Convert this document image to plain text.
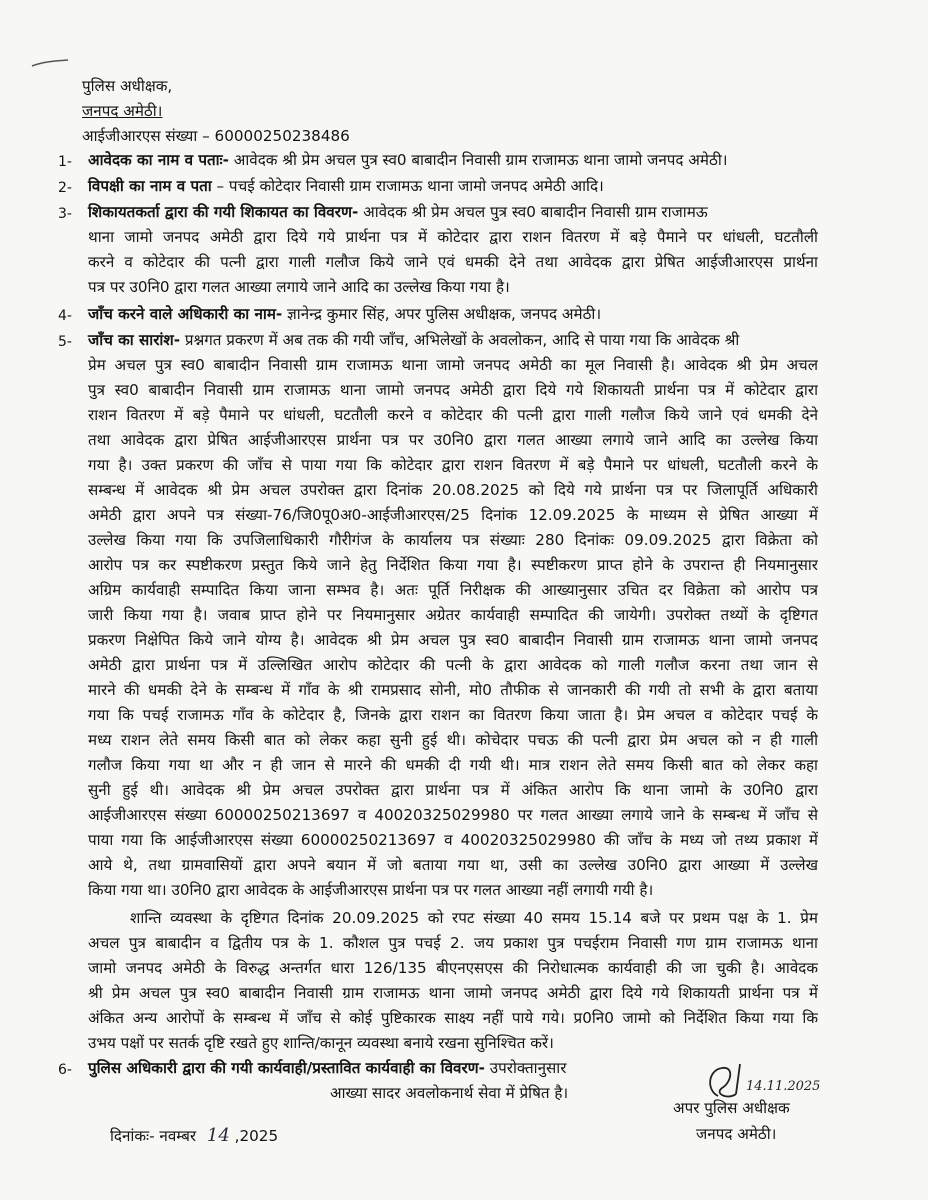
पुलिस अधीक्षक,
जनपद अमेठी।
आईजीआरएस संख्या – 60000250238486
1- आवेदक का नाम व पताः- आवेदक श्री प्रेम अचल पुत्र स्व0 बाबादीन निवासी ग्राम राजामऊ थाना जामो जनपद अमेठी।
2- विपक्षी का नाम व पता – पचई कोटेदार निवासी ग्राम राजामऊ थाना जामो जनपद अमेठी आदि।
3- शिकायतकर्ता द्वारा की गयी शिकायत का विवरण- आवेदक श्री प्रेम अचल पुत्र स्व0 बाबादीन निवासी ग्राम राजामऊ
थाना जामो जनपद अमेठी द्वारा दिये गये प्रार्थना पत्र में कोटेदार द्वारा राशन वितरण में बड़े पैमाने पर धांधली, घटतौली
करने व कोटेदार की पत्नी द्वारा गाली गलौज किये जाने एवं धमकी देने तथा आवेदक द्वारा प्रेषित आईजीआरएस प्रार्थना
पत्र पर उ0नि0 द्वारा गलत आख्या लगाये जाने आदि का उल्लेख किया गया है।
4- जाँच करने वाले अधिकारी का नाम- ज्ञानेन्द्र कुमार सिंह, अपर पुलिस अधीक्षक, जनपद अमेठी।
5- जाँच का सारांश- प्रश्नगत प्रकरण में अब तक की गयी जाँच, अभिलेखों के अवलोकन, आदि से पाया गया कि आवेदक श्री
प्रेम अचल पुत्र स्व0 बाबादीन निवासी ग्राम राजामऊ थाना जामो जनपद अमेठी का मूल निवासी है। आवेदक श्री प्रेम अचल
पुत्र स्व0 बाबादीन निवासी ग्राम राजामऊ थाना जामो जनपद अमेठी द्वारा दिये गये शिकायती प्रार्थना पत्र में कोटेदार द्वारा
राशन वितरण में बड़े पैमाने पर धांधली, घटतौली करने व कोटेदार की पत्नी द्वारा गाली गलौज किये जाने एवं धमकी देने
तथा आवेदक द्वारा प्रेषित आईजीआरएस प्रार्थना पत्र पर उ0नि0 द्वारा गलत आख्या लगाये जाने आदि का उल्लेख किया
गया है। उक्त प्रकरण की जाँच से पाया गया कि कोटेदार द्वारा राशन वितरण में बड़े पैमाने पर धांधली, घटतौली करने के
सम्बन्ध में आवेदक श्री प्रेम अचल उपरोक्त द्वारा दिनांक 20.08.2025 को दिये गये प्रार्थना पत्र पर जिलापूर्ति अधिकारी
अमेठी द्वारा अपने पत्र संख्या-76/जि0पू0अ0-आईजीआरएस/25 दिनांक 12.09.2025 के माध्यम से प्रेषित आख्या में
उल्लेख किया गया कि उपजिलाधिकारी गौरीगंज के कार्यालय पत्र संख्याः 280 दिनांकः 09.09.2025 द्वारा विक्रेता को
आरोप पत्र कर स्पष्टीकरण प्रस्तुत किये जाने हेतु निर्देशित किया गया है। स्पष्टीकरण प्राप्त होने के उपरान्त ही नियमानुसार
अग्रिम कार्यवाही सम्पादित किया जाना सम्भव है। अतः पूर्ति निरीक्षक की आख्यानुसार उचित दर विक्रेता को आरोप पत्र
जारी किया गया है। जवाब प्राप्त होने पर नियमानुसार अग्रेतर कार्यवाही सम्पादित की जायेगी। उपरोक्त तथ्यों के दृष्टिगत
प्रकरण निक्षेपित किये जाने योग्य है। आवेदक श्री प्रेम अचल पुत्र स्व0 बाबादीन निवासी ग्राम राजामऊ थाना जामो जनपद
अमेठी द्वारा प्रार्थना पत्र में उल्लिखित आरोप कोटेदार की पत्नी के द्वारा आवेदक को गाली गलौज करना तथा जान से
मारने की धमकी देने के सम्बन्ध में गाँव के श्री रामप्रसाद सोनी, मो0 तौफीक से जानकारी की गयी तो सभी के द्वारा बताया
गया कि पचई राजामऊ गाँव के कोटेदार है, जिनके द्वारा राशन का वितरण किया जाता है। प्रेम अचल व कोटेदार पचई के
मध्य राशन लेते समय किसी बात को लेकर कहा सुनी हुई थी। कोचेदार पचऊ की पत्नी द्वारा प्रेम अचल को न ही गाली
गलौज किया गया था और न ही जान से मारने की धमकी दी गयी थी। मात्र राशन लेते समय किसी बात को लेकर कहा
सुनी हुई थी। आवेदक श्री प्रेम अचल उपरोक्त द्वारा प्रार्थना पत्र में अंकित आरोप कि थाना जामो के उ0नि0 द्वारा
आईजीआरएस संख्या 60000250213697 व 40020325029980 पर गलत आख्या लगाये जाने के सम्बन्ध में जाँच से
पाया गया कि आईजीआरएस संख्या 60000250213697 व 40020325029980 की जाँच के मध्य जो तथ्य प्रकाश में
आये थे, तथा ग्रामवासियों द्वारा अपने बयान में जो बताया गया था, उसी का उल्लेख उ0नि0 द्वारा आख्या में उल्लेख
किया गया था। उ0नि0 द्वारा आवेदक के आईजीआरएस प्रार्थना पत्र पर गलत आख्या नहीं लगायी गयी है।
शान्ति व्यवस्था के दृष्टिगत दिनांक 20.09.2025 को रपट संख्या 40 समय 15.14 बजे पर प्रथम पक्ष के 1. प्रेम
अचल पुत्र बाबादीन व द्वितीय पत्र के 1. कौशल पुत्र पचई 2. जय प्रकाश पुत्र पचईराम निवासी गण ग्राम राजामऊ थाना
जामो जनपद अमेठी के विरुद्ध अन्तर्गत धारा 126/135 बीएनएसएस की निरोधात्मक कार्यवाही की जा चुकी है। आवेदक
श्री प्रेम अचल पुत्र स्व0 बाबादीन निवासी ग्राम राजामऊ थाना जामो जनपद अमेठी द्वारा दिये गये शिकायती प्रार्थना पत्र में
अंकित अन्य आरोपों के सम्बन्ध में जाँच से कोई पुष्टिकारक साक्ष्य नहीं पाये गये। प्र0नि0 जामो को निर्देशित किया गया कि
उभय पक्षों पर सतर्क दृष्टि रखते हुए शान्ति/कानून व्यवस्था बनाये रखना सुनिश्चित करें।
6- पुलिस अधिकारी द्वारा की गयी कार्यवाही/प्रस्तावित कार्यवाही का विवरण- उपरोक्तानुसार
आख्या सादर अवलोकनार्थ सेवा में प्रेषित है।
दिनांकः- नवम्बर 14 ,2025
14.11.2025
अपर पुलिस अधीक्षक
जनपद अमेठी।
